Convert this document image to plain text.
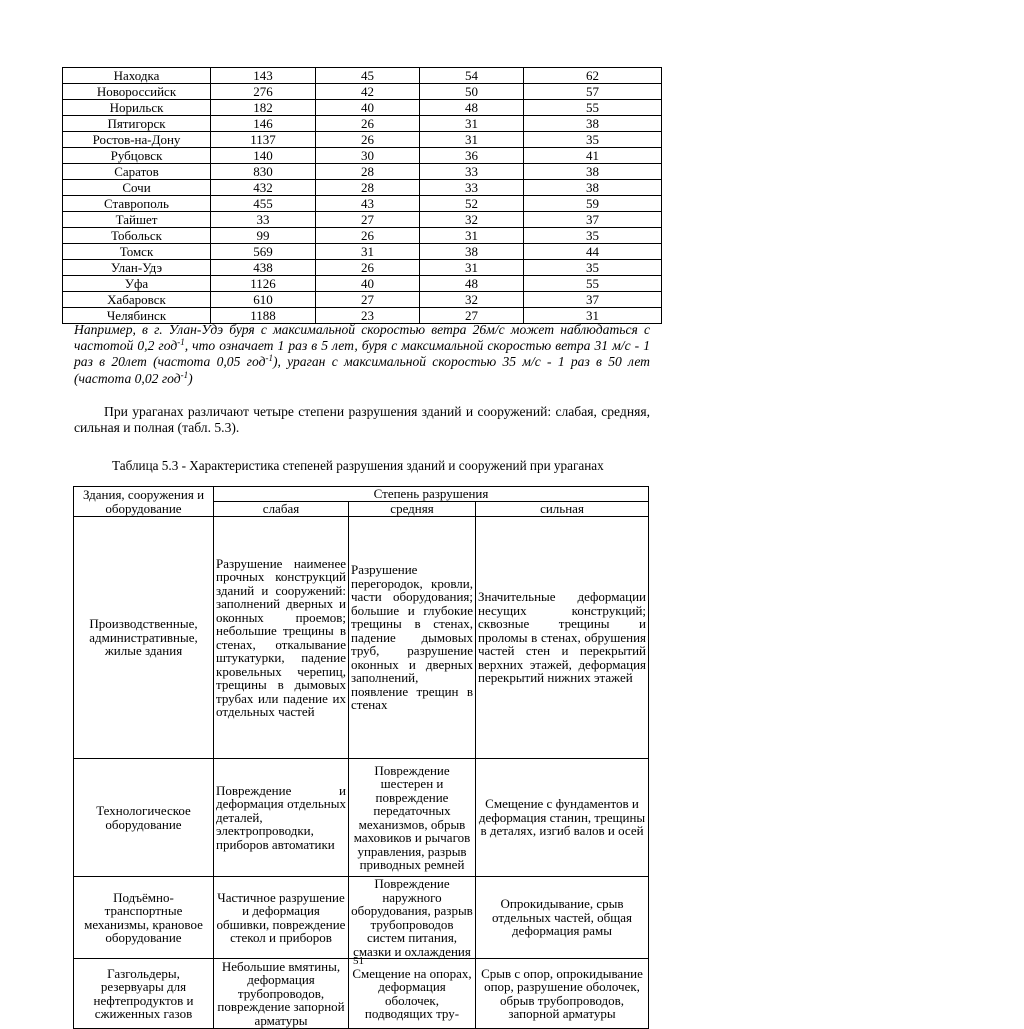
Находка	143	45	54	62
Новороссийск	276	42	50	57
Норильск	182	40	48	55
Пятигорск	146	26	31	38
Ростов-на-Дону	1137	26	31	35
Рубцовск	140	30	36	41
Саратов	830	28	33	38
Сочи	432	28	33	38
Ставрополь	455	43	52	59
Тайшет	33	27	32	37
Тобольск	99	26	31	35
Томск	569	31	38	44
Улан-Удэ	438	26	31	35
Уфа	1126	40	48	55
Хабаровск	610	27	32	37
Челябинск	1188	23	27	31

Например, в г. Улан-Удэ буря с максимальной скоростью ветра 26м/с может наблюдаться с частотой 0,2 год$^{-1}$, что означает 1 раз в 5 лет, буря с максимальной скоростью ветра 31 м/с - 1 раз в 20лет (частота 0,05 год$^{-1}$), ураган с максимальной скоростью 35 м/с - 1 раз в 50 лет (частота 0,02 год$^{-1}$)

При ураганах различают четыре степени разрушения зданий и сооружений: слабая, средняя, сильная и полная (табл. 5.3).

Таблица 5.3 - Характеристика степеней разрушения зданий и сооружений при ураганах

Здания, сооружения и оборудование	Степень разрушения		
	слабая	средняя	сильная
Производственные, административные, жилые здания	Разрушение наименее прочных конструкций зданий и сооружений: заполнений дверных и оконных проемов; небольшие трещины в стенах, откалывание штукатурки, падение кровельных черепиц, трещины в дымовых трубах или падение их отдельных частей	Разрушение перегородок, кровли, части оборудования; большие и глубокие трещины в стенах, падение дымовых труб, разрушение оконных и дверных заполнений, появление трещин в стенах	Значительные деформации несущих конструкций; сквозные трещины и проломы в стенах, обрушения частей стен и перекрытий верхних этажей, деформация перекрытий нижних этажей
Технологическое оборудование	Повреждение и деформация отдельных деталей, электропроводки, приборов автоматики	Повреждение шестерен и повреждение передаточных механизмов, обрыв маховиков и рычагов управления, разрыв приводных ремней	Смещение с фундаментов и деформация станин, трещины в деталях, изгиб валов и осей
Подъёмно-транспортные механизмы, крановое оборудование	Частичное разрушение и деформация обшивки, повреждение стекол и приборов	Повреждение наружного оборудования, разрыв трубопроводов систем питания, смазки и охлаждения	Опрокидывание, срыв отдельных частей, общая деформация рамы
Газгольдеры, резервуары для нефтепродуктов и сжиженных газов	Небольшие вмятины, деформация трубопроводов, повреждение запорной арматуры	Смещение на опорах, деформация оболочек, подводящих тру-	Срыв с опор, опрокидывание опор, разрушение оболочек, обрыв трубопроводов, запорной арматуры

51
